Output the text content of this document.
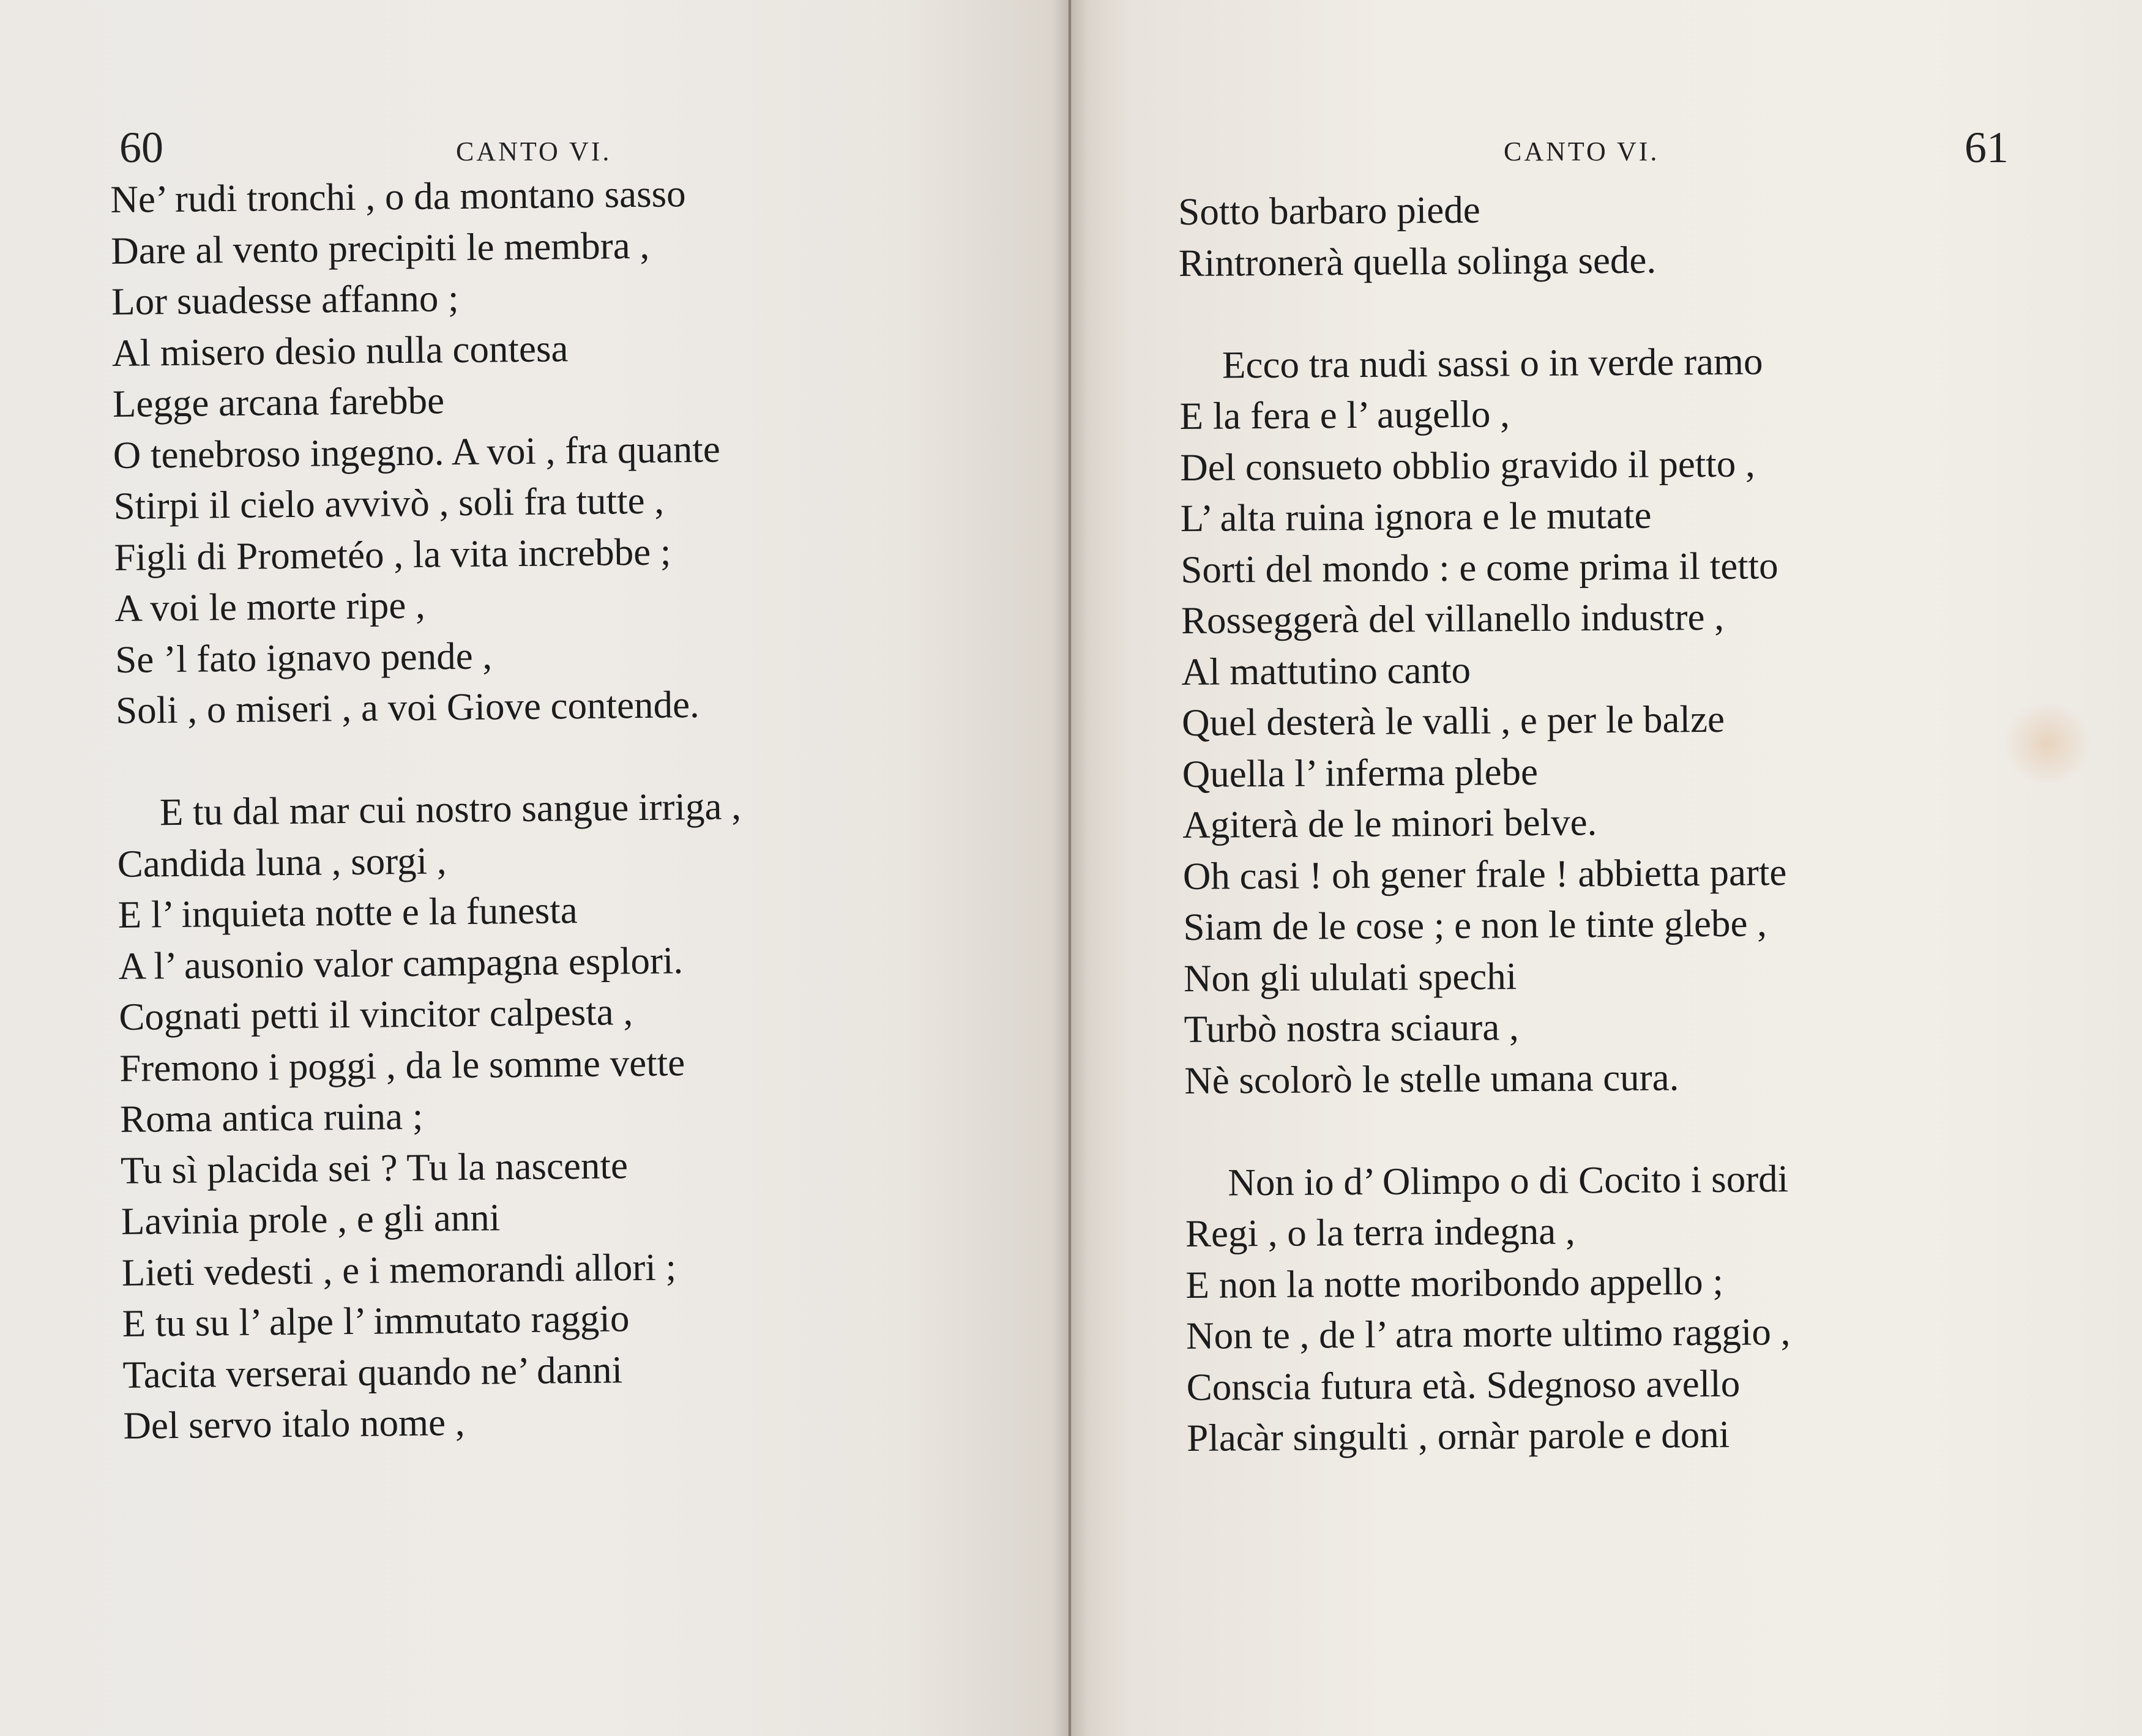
60	CANTO VI.
Ne’ rudi tronchi , o da montano sasso
Dare al vento precipiti le membra ,
Lor suadesse affanno ;
Al misero desio nulla contesa
Legge arcana farebbe
O tenebroso ingegno. A voi , fra quante
Stirpi il cielo avvivò , soli fra tutte ,
Figli di Prometéo , la vita increbbe ;
A voi le morte ripe ,
Se ’l fato ignavo pende ,
Soli , o miseri , a voi Giove contende.
E tu dal mar cui nostro sangue irriga ,
Candida luna , sorgi ,
E l’ inquieta notte e la funesta
A l’ ausonio valor campagna esplori.
Cognati petti il vincitor calpesta ,
Fremono i poggi , da le somme vette
Roma antica ruina ;
Tu sì placida sei ? Tu la nascente
Lavinia prole , e gli anni
Lieti vedesti , e i memorandi allori ;
E tu su l’ alpe l’ immutato raggio
Tacita verserai quando ne’ danni
Del servo italo nome ,
CANTO VI.	61
Sotto barbaro piede
Rintronerà quella solinga sede.
Ecco tra nudi sassi o in verde ramo
E la fera e l’ augello ,
Del consueto obblio gravido il petto ,
L’ alta ruina ignora e le mutate
Sorti del mondo : e come prima il tetto
Rosseggerà del villanello industre ,
Al mattutino canto
Quel desterà le valli , e per le balze
Quella l’ inferma plebe
Agiterà de le minori belve.
Oh casi ! oh gener frale ! abbietta parte
Siam de le cose ; e non le tinte glebe ,
Non gli ululati spechi
Turbò nostra sciaura ,
Nè scolorò le stelle umana cura.
Non io d’ Olimpo o di Cocito i sordi
Regi , o la terra indegna ,
E non la notte moribondo appello ;
Non te , de l’ atra morte ultimo raggio ,
Conscia futura età. Sdegnoso avello
Placàr singulti , ornàr parole e doni
